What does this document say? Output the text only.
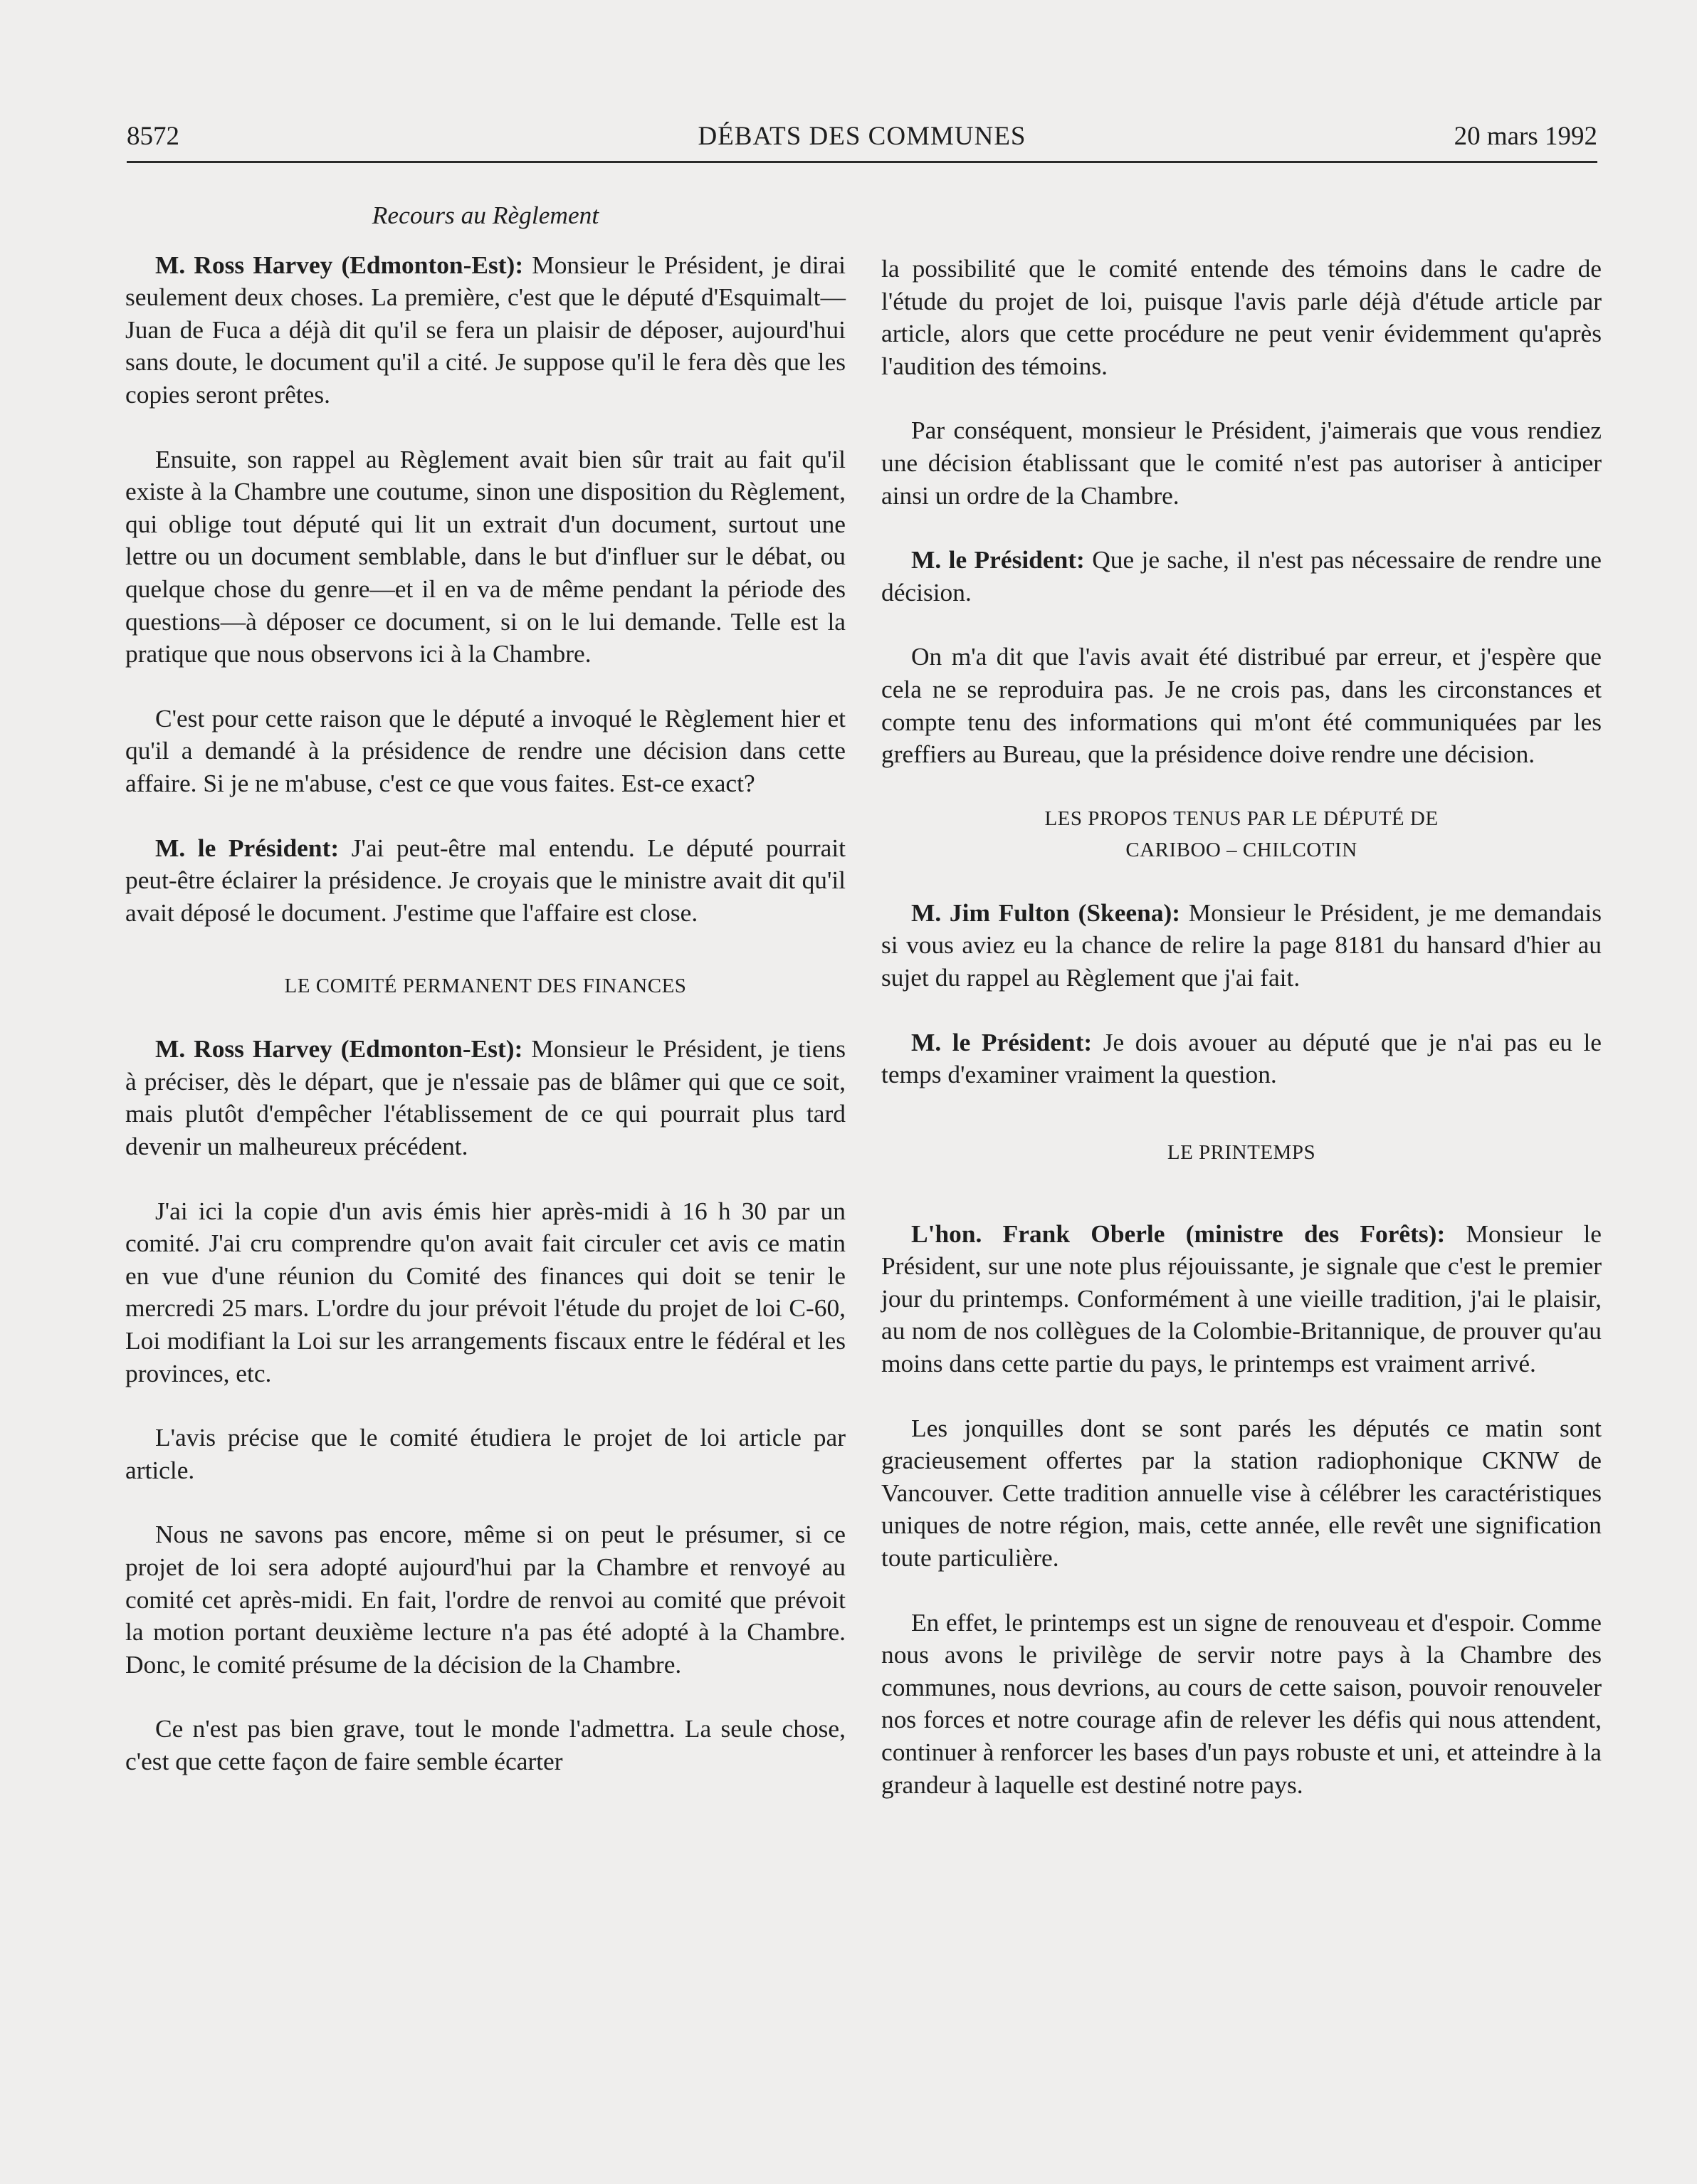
8572	DÉBATS DES COMMUNES	20 mars 1992
Recours au Règlement

M. Ross Harvey (Edmonton-Est): Monsieur le Président, je dirai seulement deux choses. La première, c'est que le député d'Esquimalt—Juan de Fuca a déjà dit qu'il se fera un plaisir de déposer, aujourd'hui sans doute, le document qu'il a cité. Je suppose qu'il le fera dès que les copies seront prêtes.

Ensuite, son rappel au Règlement avait bien sûr trait au fait qu'il existe à la Chambre une coutume, sinon une disposition du Règlement, qui oblige tout député qui lit un extrait d'un document, surtout une lettre ou un document semblable, dans le but d'influer sur le débat, ou quelque chose du genre—et il en va de même pendant la période des questions—à déposer ce document, si on le lui demande. Telle est la pratique que nous observons ici à la Chambre.

C'est pour cette raison que le député a invoqué le Règlement hier et qu'il a demandé à la présidence de rendre une décision dans cette affaire. Si je ne m'abuse, c'est ce que vous faites. Est-ce exact?

M. le Président: J'ai peut-être mal entendu. Le député pourrait peut-être éclairer la présidence. Je croyais que le ministre avait dit qu'il avait déposé le document. J'estime que l'affaire est close.

LE COMITÉ PERMANENT DES FINANCES

M. Ross Harvey (Edmonton-Est): Monsieur le Président, je tiens à préciser, dès le départ, que je n'essaie pas de blâmer qui que ce soit, mais plutôt d'empêcher l'établissement de ce qui pourrait plus tard devenir un malheureux précédent.

J'ai ici la copie d'un avis émis hier après-midi à 16 h 30 par un comité. J'ai cru comprendre qu'on avait fait circuler cet avis ce matin en vue d'une réunion du Comité des finances qui doit se tenir le mercredi 25 mars. L'ordre du jour prévoit l'étude du projet de loi C-60, Loi modifiant la Loi sur les arrangements fiscaux entre le fédéral et les provinces, etc.

L'avis précise que le comité étudiera le projet de loi article par article.

Nous ne savons pas encore, même si on peut le présumer, si ce projet de loi sera adopté aujourd'hui par la Chambre et renvoyé au comité cet après-midi. En fait, l'ordre de renvoi au comité que prévoit la motion portant deuxième lecture n'a pas été adopté à la Chambre. Donc, le comité présume de la décision de la Chambre.

Ce n'est pas bien grave, tout le monde l'admettra. La seule chose, c'est que cette façon de faire semble écarter

la possibilité que le comité entende des témoins dans le cadre de l'étude du projet de loi, puisque l'avis parle déjà d'étude article par article, alors que cette procédure ne peut venir évidemment qu'après l'audition des témoins.

Par conséquent, monsieur le Président, j'aimerais que vous rendiez une décision établissant que le comité n'est pas autoriser à anticiper ainsi un ordre de la Chambre.

M. le Président: Que je sache, il n'est pas nécessaire de rendre une décision.

On m'a dit que l'avis avait été distribué par erreur, et j'espère que cela ne se reproduira pas. Je ne crois pas, dans les circonstances et compte tenu des informations qui m'ont été communiquées par les greffiers au Bureau, que la présidence doive rendre une décision.

LES PROPOS TENUS PAR LE DÉPUTÉ DE
CARIBOO – CHILCOTIN

M. Jim Fulton (Skeena): Monsieur le Président, je me demandais si vous aviez eu la chance de relire la page 8181 du hansard d'hier au sujet du rappel au Règlement que j'ai fait.

M. le Président: Je dois avouer au député que je n'ai pas eu le temps d'examiner vraiment la question.

LE PRINTEMPS

L'hon. Frank Oberle (ministre des Forêts): Monsieur le Président, sur une note plus réjouissante, je signale que c'est le premier jour du printemps. Conformément à une vieille tradition, j'ai le plaisir, au nom de nos collègues de la Colombie-Britannique, de prouver qu'au moins dans cette partie du pays, le printemps est vraiment arrivé.

Les jonquilles dont se sont parés les députés ce matin sont gracieusement offertes par la station radiophonique CKNW de Vancouver. Cette tradition annuelle vise à célébrer les caractéristiques uniques de notre région, mais, cette année, elle revêt une signification toute particulière.

En effet, le printemps est un signe de renouveau et d'espoir. Comme nous avons le privilège de servir notre pays à la Chambre des communes, nous devrions, au cours de cette saison, pouvoir renouveler nos forces et notre courage afin de relever les défis qui nous attendent, continuer à renforcer les bases d'un pays robuste et uni, et atteindre à la grandeur à laquelle est destiné notre pays.
